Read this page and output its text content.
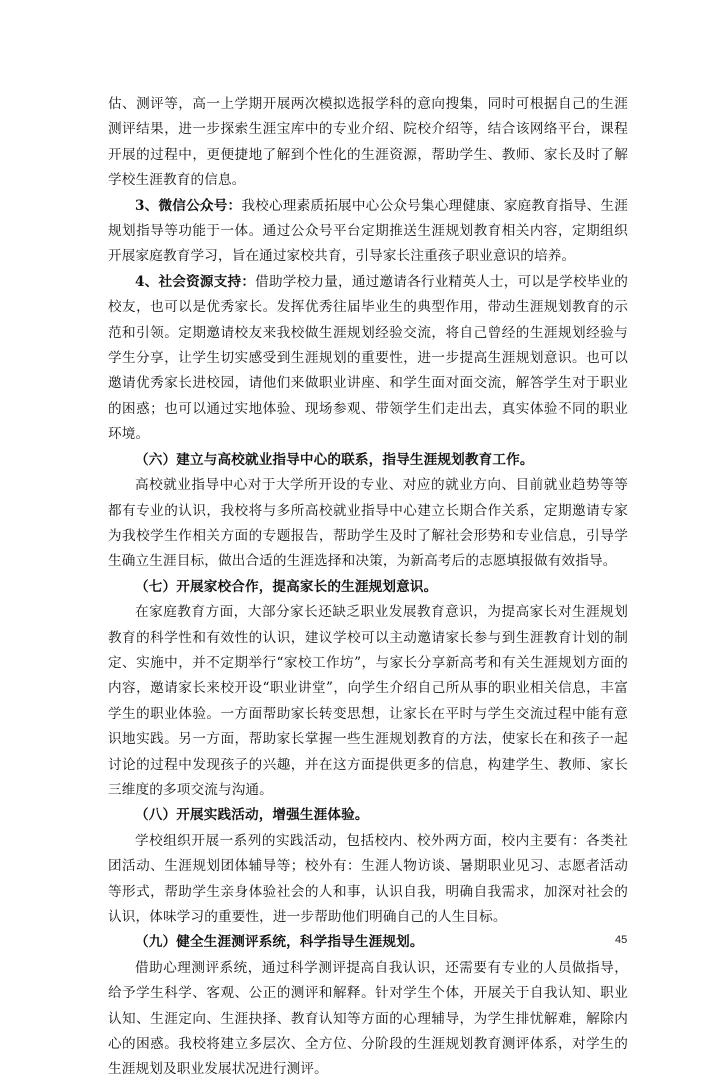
估、测评等，高一上学期开展两次模拟选报学科的意向搜集，同时可根据自己的生涯测评结果，进一步探索生涯宝库中的专业介绍、院校介绍等，结合该网络平台，课程开展的过程中，更便捷地了解到个性化的生涯资源，帮助学生、教师、家长及时了解学校生涯教育的信息。

3、微信公众号：我校心理素质拓展中心公众号集心理健康、家庭教育指导、生涯规划指导等功能于一体。通过公众号平台定期推送生涯规划教育相关内容，定期组织开展家庭教育学习，旨在通过家校共育，引导家长注重孩子职业意识的培养。

4、社会资源支持：借助学校力量，通过邀请各行业精英人士，可以是学校毕业的校友，也可以是优秀家长。发挥优秀往届毕业生的典型作用，带动生涯规划教育的示范和引领。定期邀请校友来我校做生涯规划经验交流，将自己曾经的生涯规划经验与学生分享，让学生切实感受到生涯规划的重要性，进一步提高生涯规划意识。也可以邀请优秀家长进校园，请他们来做职业讲座、和学生面对面交流，解答学生对于职业的困惑；也可以通过实地体验、现场参观、带领学生们走出去，真实体验不同的职业环境。

（六）建立与高校就业指导中心的联系，指导生涯规划教育工作。

高校就业指导中心对于大学所开设的专业、对应的就业方向、目前就业趋势等等都有专业的认识，我校将与多所高校就业指导中心建立长期合作关系，定期邀请专家为我校学生作相关方面的专题报告，帮助学生及时了解社会形势和专业信息，引导学生确立生涯目标，做出合适的生涯选择和决策，为新高考后的志愿填报做有效指导。

（七）开展家校合作，提高家长的生涯规划意识。

在家庭教育方面，大部分家长还缺乏职业发展教育意识，为提高家长对生涯规划教育的科学性和有效性的认识，建议学校可以主动邀请家长参与到生涯教育计划的制定、实施中，并不定期举行“家校工作坊”，与家长分享新高考和有关生涯规划方面的内容，邀请家长来校开设“职业讲堂”，向学生介绍自己所从事的职业相关信息，丰富学生的职业体验。一方面帮助家长转变思想，让家长在平时与学生交流过程中能有意识地实践。另一方面，帮助家长掌握一些生涯规划教育的方法，使家长在和孩子一起讨论的过程中发现孩子的兴趣，并在这方面提供更多的信息，构建学生、教师、家长三维度的多项交流与沟通。

（八）开展实践活动，增强生涯体验。

学校组织开展一系列的实践活动，包括校内、校外两方面，校内主要有：各类社团活动、生涯规划团体辅导等；校外有：生涯人物访谈、暑期职业见习、志愿者活动等形式，帮助学生亲身体验社会的人和事，认识自我，明确自我需求，加深对社会的认识，体味学习的重要性，进一步帮助他们明确自己的人生目标。

（九）健全生涯测评系统，科学指导生涯规划。

借助心理测评系统，通过科学测评提高自我认识，还需要有专业的人员做指导，给予学生科学、客观、公正的测评和解释。针对学生个体，开展关于自我认知、职业认知、生涯定向、生涯抉择、教育认知等方面的心理辅导，为学生排忧解难，解除内心的困惑。我校将建立多层次、全方位、分阶段的生涯规划教育测评体系，对学生的生涯规划及职业发展状况进行测评。

45
